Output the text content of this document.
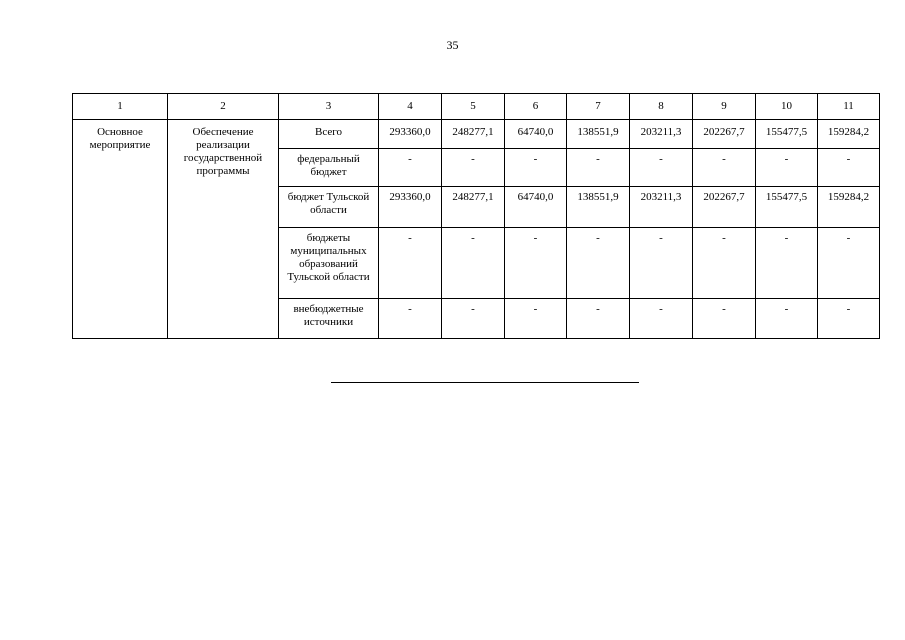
35
1	2	3	4	5	6	7	8	9	10	11
Основное мероприятие	Обеспечение реализации государственной программы	Всего	293360,0	248277,1	64740,0	138551,9	203211,3	202267,7	155477,5	159284,2
		федеральный бюджет	-	-	-	-	-	-	-	-
		бюджет Тульской области	293360,0	248277,1	64740,0	138551,9	203211,3	202267,7	155477,5	159284,2
		бюджеты муниципальных образований Тульской области	-	-	-	-	-	-	-	-
		внебюджетные источники	-	-	-	-	-	-	-	-
